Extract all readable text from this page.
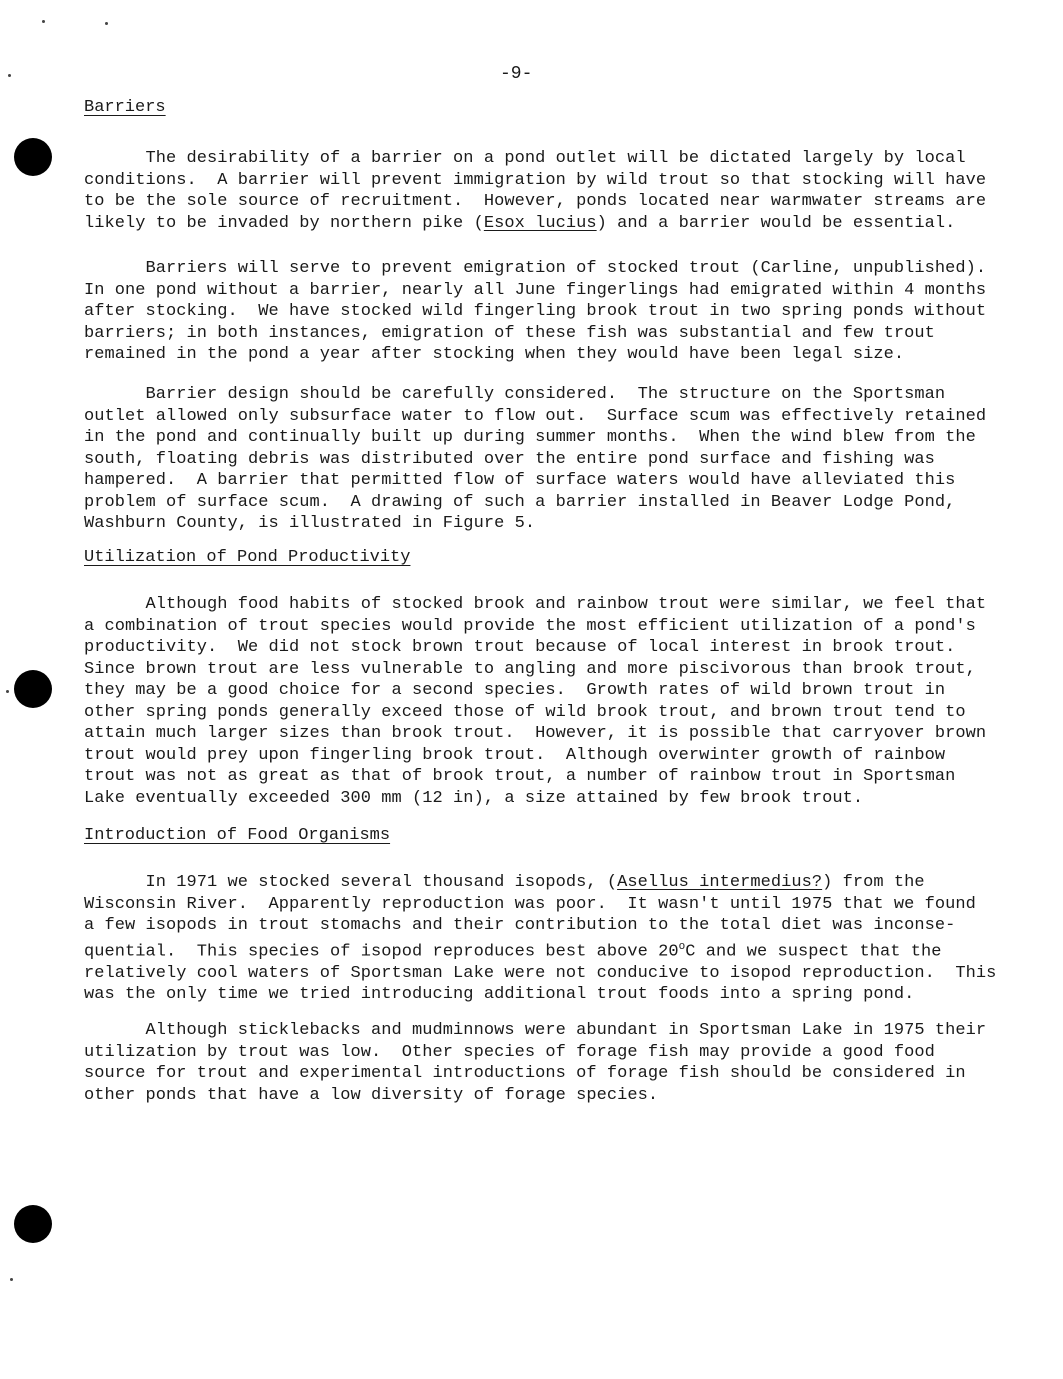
-9-
Barriers

The desirability of a barrier on a pond outlet will be dictated largely by local

conditions.  A barrier will prevent immigration by wild trout so that stocking will have

to be the sole source of recruitment.  However, ponds located near warmwater streams are

likely to be invaded by northern pike (Esox lucius) and a barrier would be essential.

Barriers will serve to prevent emigration of stocked trout (Carline, unpublished).

In one pond without a barrier, nearly all June fingerlings had emigrated within 4 months

after stocking.  We have stocked wild fingerling brook trout in two spring ponds without

barriers; in both instances, emigration of these fish was substantial and few trout

remained in the pond a year after stocking when they would have been legal size.

Barrier design should be carefully considered.  The structure on the Sportsman

outlet allowed only subsurface water to flow out.  Surface scum was effectively retained

in the pond and continually built up during summer months.  When the wind blew from the

south, floating debris was distributed over the entire pond surface and fishing was

hampered.  A barrier that permitted flow of surface waters would have alleviated this

problem of surface scum.  A drawing of such a barrier installed in Beaver Lodge Pond,

Washburn County, is illustrated in Figure 5.

Utilization of Pond Productivity

Although food habits of stocked brook and rainbow trout were similar, we feel that

a combination of trout species would provide the most efficient utilization of a pond's

productivity.  We did not stock brown trout because of local interest in brook trout.

Since brown trout are less vulnerable to angling and more piscivorous than brook trout,

they may be a good choice for a second species.  Growth rates of wild brown trout in

other spring ponds generally exceed those of wild brook trout, and brown trout tend to

attain much larger sizes than brook trout.  However, it is possible that carryover brown

trout would prey upon fingerling brook trout.  Although overwinter growth of rainbow

trout was not as great as that of brook trout, a number of rainbow trout in Sportsman

Lake eventually exceeded 300 mm (12 in), a size attained by few brook trout.

Introduction of Food Organisms

In 1971 we stocked several thousand isopods, (Asellus intermedius?) from the

Wisconsin River.  Apparently reproduction was poor.  It wasn't until 1975 that we found

a few isopods in trout stomachs and their contribution to the total diet was inconse-

quential.  This species of isopod reproduces best above 20$^o$C and we suspect that the

relatively cool waters of Sportsman Lake were not conducive to isopod reproduction.  This

was the only time we tried introducing additional trout foods into a spring pond.

Although sticklebacks and mudminnows were abundant in Sportsman Lake in 1975 their

utilization by trout was low.  Other species of forage fish may provide a good food

source for trout and experimental introductions of forage fish should be considered in

other ponds that have a low diversity of forage species.
